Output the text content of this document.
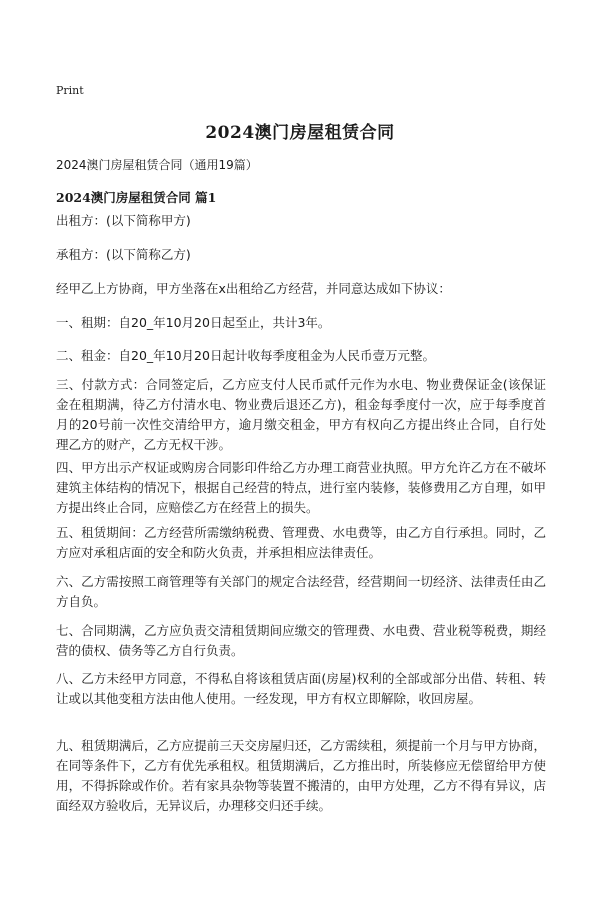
Print
2024澳门房屋租赁合同
2024澳门房屋租赁合同（通用19篇）
2024澳门房屋租赁合同 篇1

出租方：(以下简称甲方)

承租方：(以下简称乙方)

经甲乙上方协商，甲方坐落在x出租给乙方经营，并同意达成如下协议：

一、租期：自20_年10月20日起至止，共计3年。

二、租金：自20_年10月20日起计收每季度租金为人民币壹万元整。

三、付款方式：合同签定后，乙方应支付人民币贰仟元作为水电、物业费保证金(该保证金在租期满，待乙方付清水电、物业费后退还乙方)，租金每季度付一次，应于每季度首月的20号前一次性交清给甲方，逾月缴交租金，甲方有权向乙方提出终止合同，自行处理乙方的财产，乙方无权干涉。

四、甲方出示产权证或购房合同影印件给乙方办理工商营业执照。甲方允许乙方在不破坏建筑主体结构的情况下，根据自己经营的特点，进行室内装修，装修费用乙方自理，如甲方提出终止合同，应赔偿乙方在经营上的损失。

五、租赁期间：乙方经营所需缴纳税费、管理费、水电费等，由乙方自行承担。同时，乙方应对承租店面的安全和防火负责，并承担相应法律责任。

六、乙方需按照工商管理等有关部门的规定合法经营，经营期间一切经济、法律责任由乙方自负。

七、合同期满，乙方应负责交清租赁期间应缴交的管理费、水电费、营业税等税费，期经营的债权、债务等乙方自行负责。

八、乙方未经甲方同意，不得私自将该租赁店面(房屋)权利的全部或部分出借、转租、转让或以其他变租方法由他人使用。一经发现，甲方有权立即解除，收回房屋。

九、租赁期满后，乙方应提前三天交房屋归还，乙方需续租，须提前一个月与甲方协商，在同等条件下，乙方有优先承租权。租赁期满后，乙方推出时，所装修应无偿留给甲方使用，不得拆除或作价。若有家具杂物等装置不搬清的，由甲方处理，乙方不得有异议，店面经双方验收后，无异议后，办理移交归还手续。
